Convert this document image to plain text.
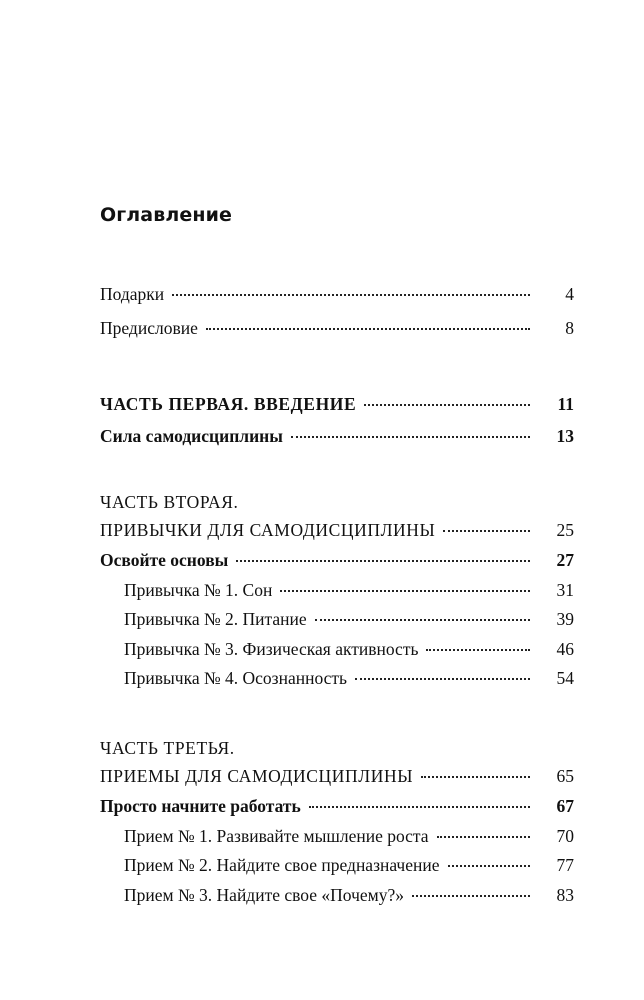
Оглавление
Подарки	4
Предисловие	8
ЧАСТЬ ПЕРВАЯ. ВВЕДЕНИЕ	11
Сила самодисциплины	13
ЧАСТЬ ВТОРАЯ.
ПРИВЫЧКИ ДЛЯ САМОДИСЦИПЛИНЫ	25
Освойте основы	27
Привычка № 1. Сон	31
Привычка № 2. Питание	39
Привычка № 3. Физическая активность	46
Привычка № 4. Осознанность	54
ЧАСТЬ ТРЕТЬЯ.
ПРИЕМЫ ДЛЯ САМОДИСЦИПЛИНЫ	65
Просто начните работать	67
Прием № 1. Развивайте мышление роста	70
Прием № 2. Найдите свое предназначение	77
Прием № 3. Найдите свое «Почему?»	83
